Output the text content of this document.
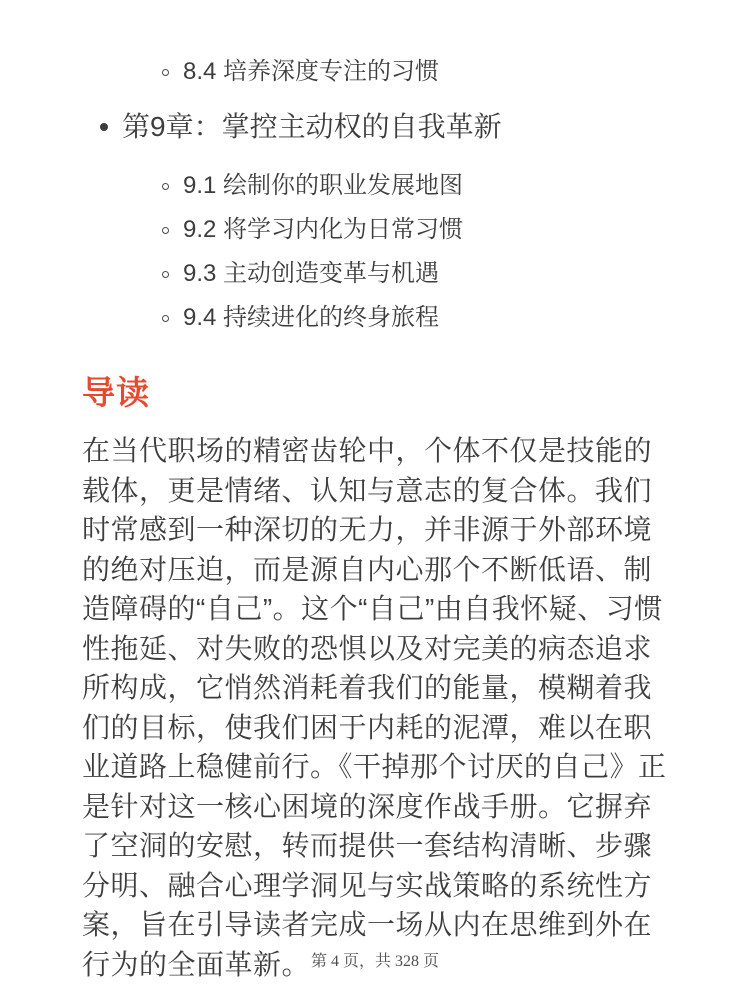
8.4 培养深度专注的习惯
第9章：掌控主动权的自我革新
9.1 绘制你的职业发展地图
9.2 将学习内化为日常习惯
9.3 主动创造变革与机遇
9.4 持续进化的终身旅程
导读

在当代职场的精密齿轮中，个体不仅是技能的载体，更是情绪、认知与意志的复合体。我们时常感到一种深切的无力，并非源于外部环境的绝对压迫，而是源自内心那个不断低语、制造障碍的“自己”。这个“自己”由自我怀疑、习惯性拖延、对失败的恐惧以及对完美的病态追求所构成，它悄然消耗着我们的能量，模糊着我们的目标，使我们困于内耗的泥潭，难以在职业道路上稳健前行。《干掉那个讨厌的自己》正是针对这一核心困境的深度作战手册。它摒弃了空洞的安慰，转而提供一套结构清晰、步骤分明、融合心理学洞见与实战策略的系统性方案，旨在引导读者完成一场从内在思维到外在行为的全面革新。 第 4 页，共 328 页
